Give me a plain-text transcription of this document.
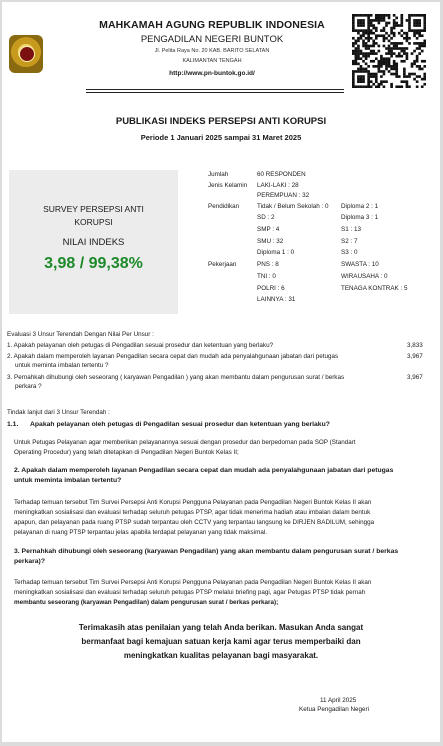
MAHKAMAH AGUNG REPUBLIK INDONESIA
PENGADILAN NEGERI BUNTOK
Jl. Pelita Raya No. 20 KAB. BARITO SELATAN
KALIMANTAN TENGAH
http://www.pn-buntok.go.id/
PUBLIKASI INDEKS PERSEPSI ANTI KORUPSI
Periode 1 Januari 2025 sampai 31 Maret 2025
SURVEY PERSEPSI ANTI
KORUPSI
NILAI INDEKS
3,98 / 99,38%
Jumlah	60 RESPONDEN
Jenis Kelamin LAKI-LAKI : 28
PEREMPUAN : 32
Pendidikan	Tidak / Belum Sekolah : 0 Diploma 2 : 1
SD : 2	Diploma 3 : 1
SMP : 4	S1 : 13
SMU : 32	S2 : 7
Diploma 1 : 0	S3 : 0
Pekerjaan	PNS : 8	SWASTA : 10
TNI : 0	WIRAUSAHA : 0
POLRI : 6	TENAGA KONTRAK : 5
LAINNYA : 31
Evaluasi 3 Unsur Terendah Dengan Nilai Per Unsur :
1. Apakah pelayanan oleh petugas di Pengadilan sesuai prosedur dan ketentuan yang berlaku?	3,833
2. Apakah dalam memperoleh layanan Pengadilan secara cepat dan mudah ada penyalahgunaan jabatan dari petugas
untuk meminta imbalan tertentu ?
3,967
3. Pernahkah dihubungi oleh seseorang ( karyawan Pengadilan ) yang akan membantu dalam pengurusan surat / berkas
perkara ?
3,967
Tindak lanjut dari 3 Unsur Terendah :
1.1. Apakah pelayanan oleh petugas di Pengadilan sesuai prosedur dan ketentuan yang berlaku?
Untuk Petugas Pelayanan agar memberikan pelayanannya sesuai dengan prosedur dan berpedoman pada SOP (Standart
Operating Procedur) yang telah ditetapkan di Pengadilan Negeri Buntok Kelas II;
2. Apakah dalam memperoleh layanan Pengadilan secara cepat dan mudah ada penyalahgunaan jabatan dari petugas
untuk meminta imbalan tertentu?
Terhadap temuan tersebut Tim Survei Persepsi Anti Korupsi Pengguna Pelayanan pada Pengadilan Negeri Buntok Kelas II akan
meningkatkan sosialisasi dan evaluasi terhadap seluruh petugas PTSP, agar tidak menerima hadiah atau imbalan dalam bentuk
apapun, dan pelayanan pada ruang PTSP sudah terpantau oleh CCTV yang terpantau langsung ke DIRJEN BADILUM, sehingga
pelayanan di ruang PTSP terpantau jelas apabila terdapat pelayanan yang tidak maksimal.
3. Pernahkah dihubungi oleh seseorang (karyawan Pengadilan) yang akan membantu dalam pengurusan surat / berkas
perkara)?
Terhadap temuan tersebut Tim Survei Persepsi Anti Korupsi Pengguna Pelayanan pada Pengadilan Negeri Buntok Kelas II akan
meningkatkan sosialisasi dan evaluasi terhadap seluruh petugas PTSP melalui briefing pagi, agar Petugas PTSP tidak pernah
membantu seseorang (karyawan Pengadilan) dalam pengurusan surat / berkas perkara);
Terimakasih atas penilaian yang telah Anda berikan. Masukan Anda sangat
bermanfaat bagi kemajuan satuan kerja kami agar terus memperbaiki dan
meningkatkan kualitas pelayanan bagi masyarakat.
11 April 2025
Ketua Pengadilan Negeri
